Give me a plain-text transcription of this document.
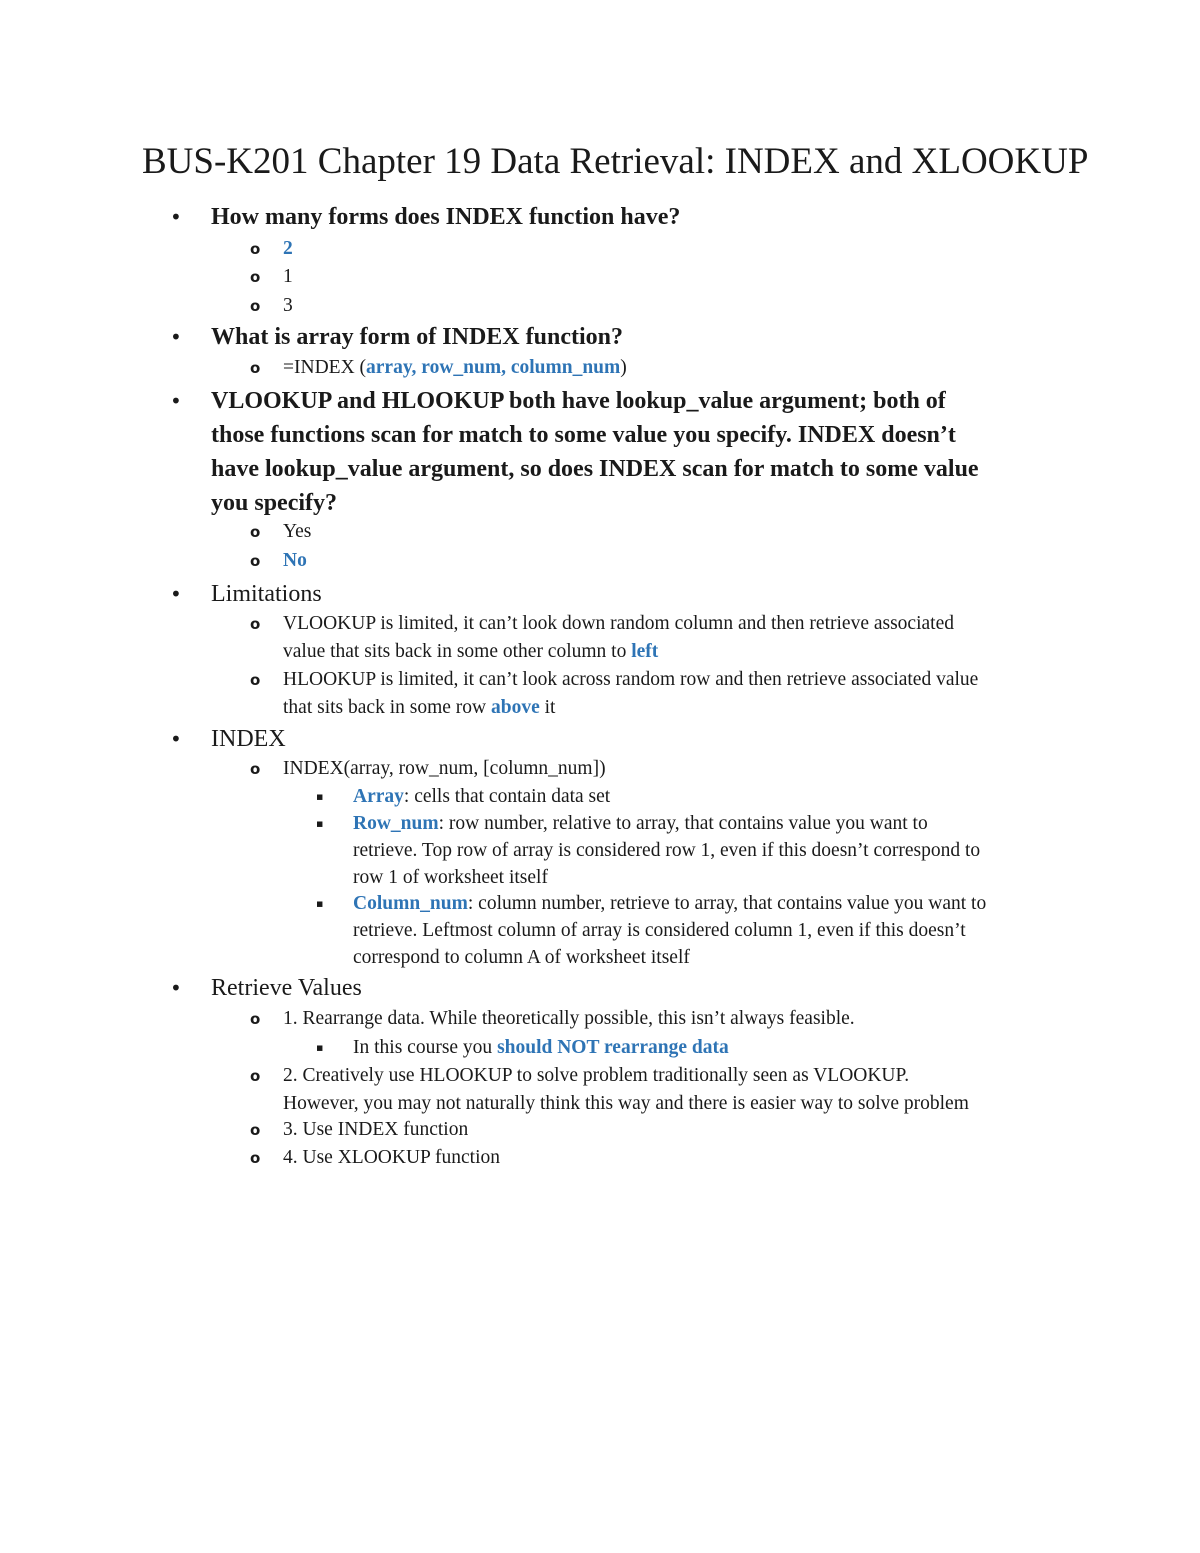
BUS-K201 Chapter 19 Data Retrieval: INDEX and XLOOKUP
• How many forms does INDEX function have?
o 2
o 1
o 3
• What is array form of INDEX function?
o =INDEX (array, row_num, column_num)
• VLOOKUP and HLOOKUP both have lookup_value argument; both of
those functions scan for match to some value you specify. INDEX doesn’t
have lookup_value argument, so does INDEX scan for match to some value
you specify?
o Yes
o No
• Limitations
o VLOOKUP is limited, it can’t look down random column and then retrieve associated
value that sits back in some other column to left
o HLOOKUP is limited, it can’t look across random row and then retrieve associated value
that sits back in some row above it
• INDEX
o INDEX(array, row_num, [column_num])
▪ Array: cells that contain data set
▪ Row_num: row number, relative to array, that contains value you want to
retrieve. Top row of array is considered row 1, even if this doesn’t correspond to
row 1 of worksheet itself
▪ Column_num: column number, retrieve to array, that contains value you want to
retrieve. Leftmost column of array is considered column 1, even if this doesn’t
correspond to column A of worksheet itself
• Retrieve Values
o 1. Rearrange data. While theoretically possible, this isn’t always feasible.
▪ In this course you should NOT rearrange data
o 2. Creatively use HLOOKUP to solve problem traditionally seen as VLOOKUP.
However, you may not naturally think this way and there is easier way to solve problem
o 3. Use INDEX function
o 4. Use XLOOKUP function
